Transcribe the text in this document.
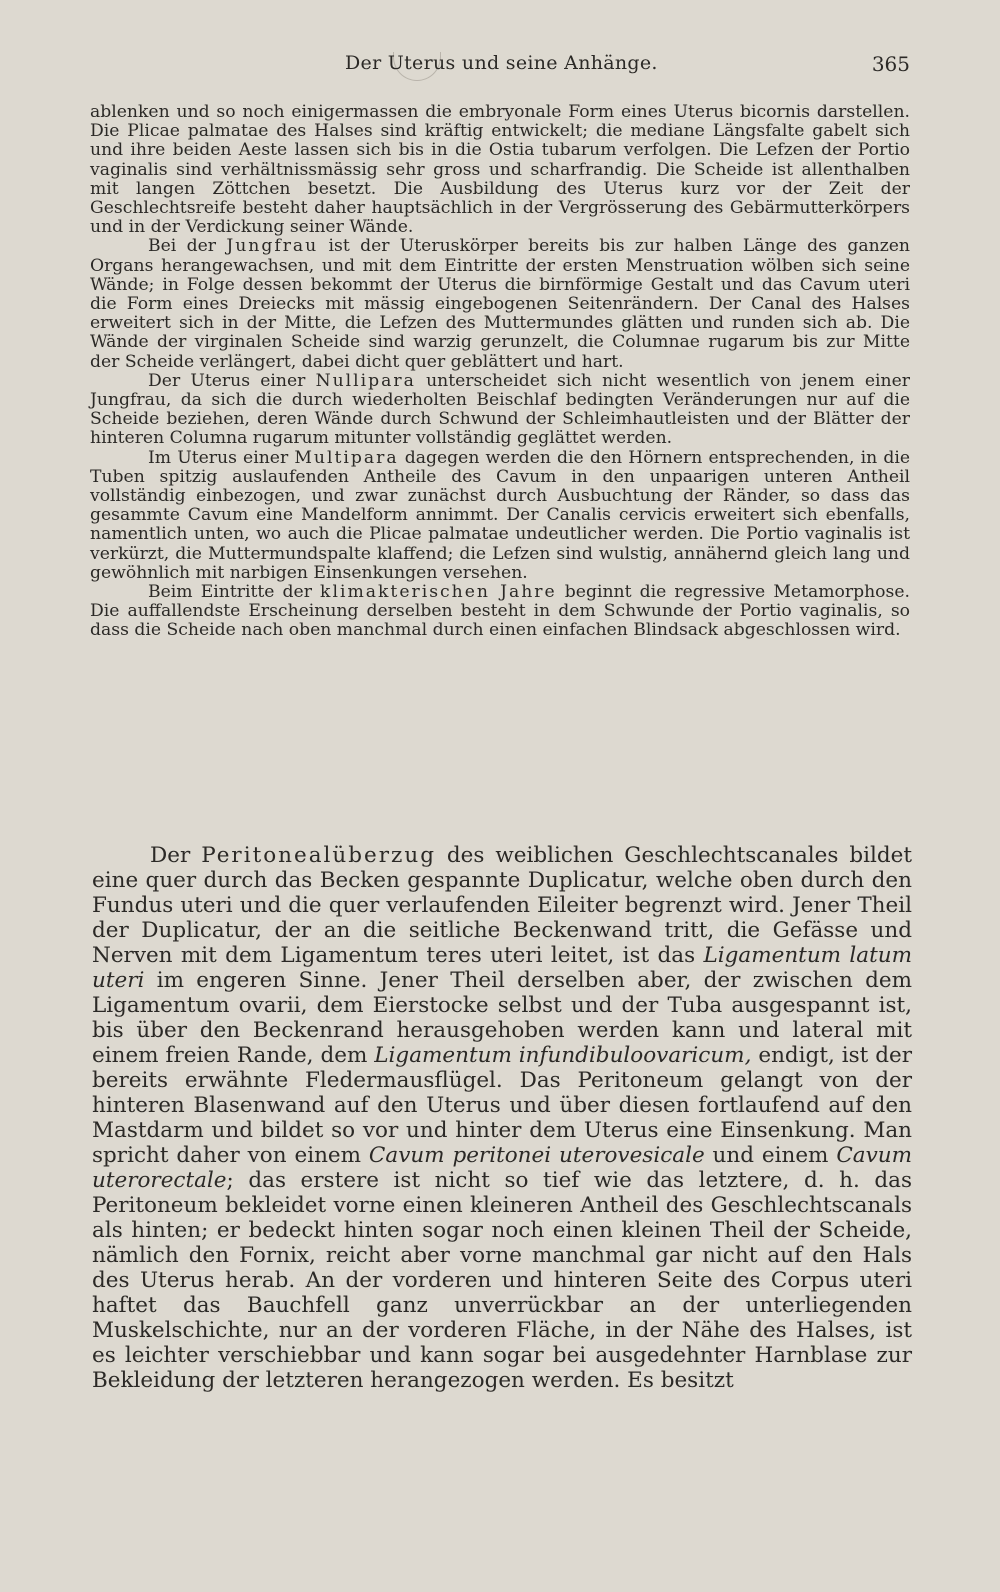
Der Uterus und seine Anhänge.	365

ablenken und so noch einigermassen die embryonale Form eines Uterus bicornis darstellen. Die Plicae palmatae des Halses sind kräftig entwickelt; die mediane Längsfalte gabelt sich und ihre beiden Aeste lassen sich bis in die Ostia tubarum verfolgen. Die Lefzen der Portio vaginalis sind verhältnissmässig sehr gross und scharfrandig. Die Scheide ist allenthalben mit langen Zöttchen besetzt. Die Ausbildung des Uterus kurz vor der Zeit der Geschlechtsreife besteht daher hauptsächlich in der Vergrösserung des Gebärmutterkörpers und in der Verdickung seiner Wände.

Bei der Jungfrau ist der Uteruskörper bereits bis zur halben Länge des ganzen Organs herangewachsen, und mit dem Eintritte der ersten Menstruation wölben sich seine Wände; in Folge dessen bekommt der Uterus die birnförmige Gestalt und das Cavum uteri die Form eines Dreiecks mit mässig eingebogenen Seitenrändern. Der Canal des Halses erweitert sich in der Mitte, die Lefzen des Muttermundes glätten und runden sich ab. Die Wände der virginalen Scheide sind warzig gerunzelt, die Columnae rugarum bis zur Mitte der Scheide verlängert, dabei dicht quer geblättert und hart.

Der Uterus einer Nullipara unterscheidet sich nicht wesentlich von jenem einer Jungfrau, da sich die durch wiederholten Beischlaf bedingten Veränderungen nur auf die Scheide beziehen, deren Wände durch Schwund der Schleimhautleisten und der Blätter der hinteren Columna rugarum mitunter vollständig geglättet werden.

Im Uterus einer Multipara dagegen werden die den Hörnern entsprechenden, in die Tuben spitzig auslaufenden Antheile des Cavum in den unpaarigen unteren Antheil vollständig einbezogen, und zwar zunächst durch Ausbuchtung der Ränder, so dass das gesammte Cavum eine Mandelform annimmt. Der Canalis cervicis erweitert sich ebenfalls, namentlich unten, wo auch die Plicae palmatae undeutlicher werden. Die Portio vaginalis ist verkürzt, die Muttermundspalte klaffend; die Lefzen sind wulstig, annähernd gleich lang und gewöhnlich mit narbigen Einsenkungen versehen.

Beim Eintritte der klimakterischen Jahre beginnt die regressive Metamorphose. Die auffallendste Erscheinung derselben besteht in dem Schwunde der Portio vaginalis, so dass die Scheide nach oben manchmal durch einen einfachen Blindsack abgeschlossen wird.

Der Peritonealüberzug des weiblichen Geschlechtscanales bildet eine quer durch das Becken gespannte Duplicatur, welche oben durch den Fundus uteri und die quer verlaufenden Eileiter begrenzt wird. Jener Theil der Duplicatur, der an die seitliche Beckenwand tritt, die Gefässe und Nerven mit dem Ligamentum teres uteri leitet, ist das Ligamentum latum uteri im engeren Sinne. Jener Theil derselben aber, der zwischen dem Ligamentum ovarii, dem Eierstocke selbst und der Tuba ausgespannt ist, bis über den Beckenrand herausgehoben werden kann und lateral mit einem freien Rande, dem Ligamentum infundibuloovaricum, endigt, ist der bereits erwähnte Fledermausflügel. Das Peritoneum gelangt von der hinteren Blasenwand auf den Uterus und über diesen fortlaufend auf den Mastdarm und bildet so vor und hinter dem Uterus eine Einsenkung. Man spricht daher von einem Cavum peritonei uterovesicale und einem Cavum uterorectale; das erstere ist nicht so tief wie das letztere, d. h. das Peritoneum bekleidet vorne einen kleineren Antheil des Geschlechtscanals als hinten; er bedeckt hinten sogar noch einen kleinen Theil der Scheide, nämlich den Fornix, reicht aber vorne manchmal gar nicht auf den Hals des Uterus herab. An der vorderen und hinteren Seite des Corpus uteri haftet das Bauchfell ganz unverrückbar an der unterliegenden Muskelschichte, nur an der vorderen Fläche, in der Nähe des Halses, ist es leichter verschiebbar und kann sogar bei ausgedehnter Harnblase zur Bekleidung der letzteren herangezogen werden. Es besitzt
